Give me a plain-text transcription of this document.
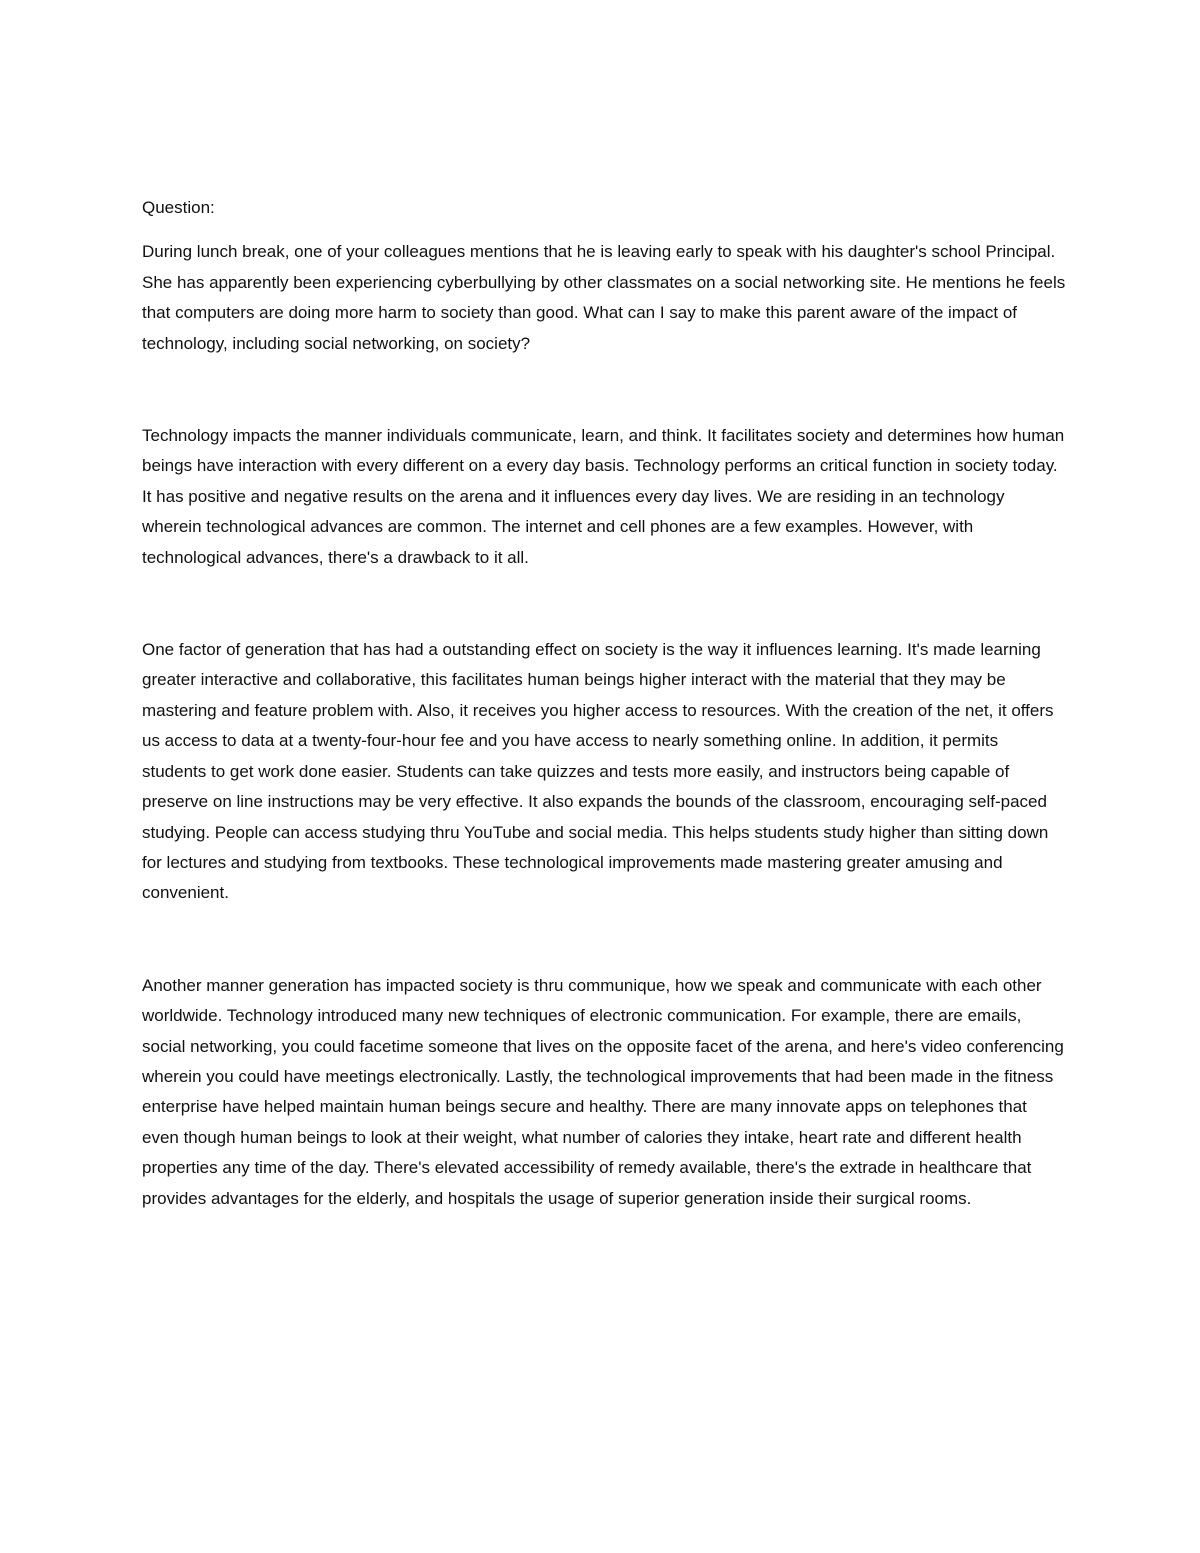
Question:

During lunch break, one of your colleagues mentions that he is leaving early to speak with his daughter's school Principal. She has apparently been experiencing cyberbullying by other classmates on a social networking site. He mentions he feels that computers are doing more harm to society than good. What can I say to make this parent aware of the impact of technology, including social networking, on society?

Technology impacts the manner individuals communicate, learn, and think. It facilitates society and determines how human beings have interaction with every different on a every day basis. Technology performs an critical function in society today. It has positive and negative results on the arena and it influences every day lives. We are residing in an technology wherein technological advances are common. The internet and cell phones are a few examples. However, with technological advances, there's a drawback to it all.

One factor of generation that has had a outstanding effect on society is the way it influences learning. It's made learning greater interactive and collaborative, this facilitates human beings higher interact with the material that they may be mastering and feature problem with. Also, it receives you higher access to resources. With the creation of the net, it offers us access to data at a twenty-four-hour fee and you have access to nearly something online. In addition, it permits students to get work done easier. Students can take quizzes and tests more easily, and instructors being capable of preserve on line instructions may be very effective. It also expands the bounds of the classroom, encouraging self-paced studying. People can access studying thru YouTube and social media. This helps students study higher than sitting down for lectures and studying from textbooks. These technological improvements made mastering greater amusing and convenient.

Another manner generation has impacted society is thru communique, how we speak and communicate with each other worldwide. Technology introduced many new techniques of electronic communication. For example, there are emails, social networking, you could facetime someone that lives on the opposite facet of the arena, and here's video conferencing wherein you could have meetings electronically. Lastly, the technological improvements that had been made in the fitness enterprise have helped maintain human beings secure and healthy. There are many innovate apps on telephones that even though human beings to look at their weight, what number of calories they intake, heart rate and different health properties any time of the day. There's elevated accessibility of remedy available, there's the extrade in healthcare that provides advantages for the elderly, and hospitals the usage of superior generation inside their surgical rooms.
